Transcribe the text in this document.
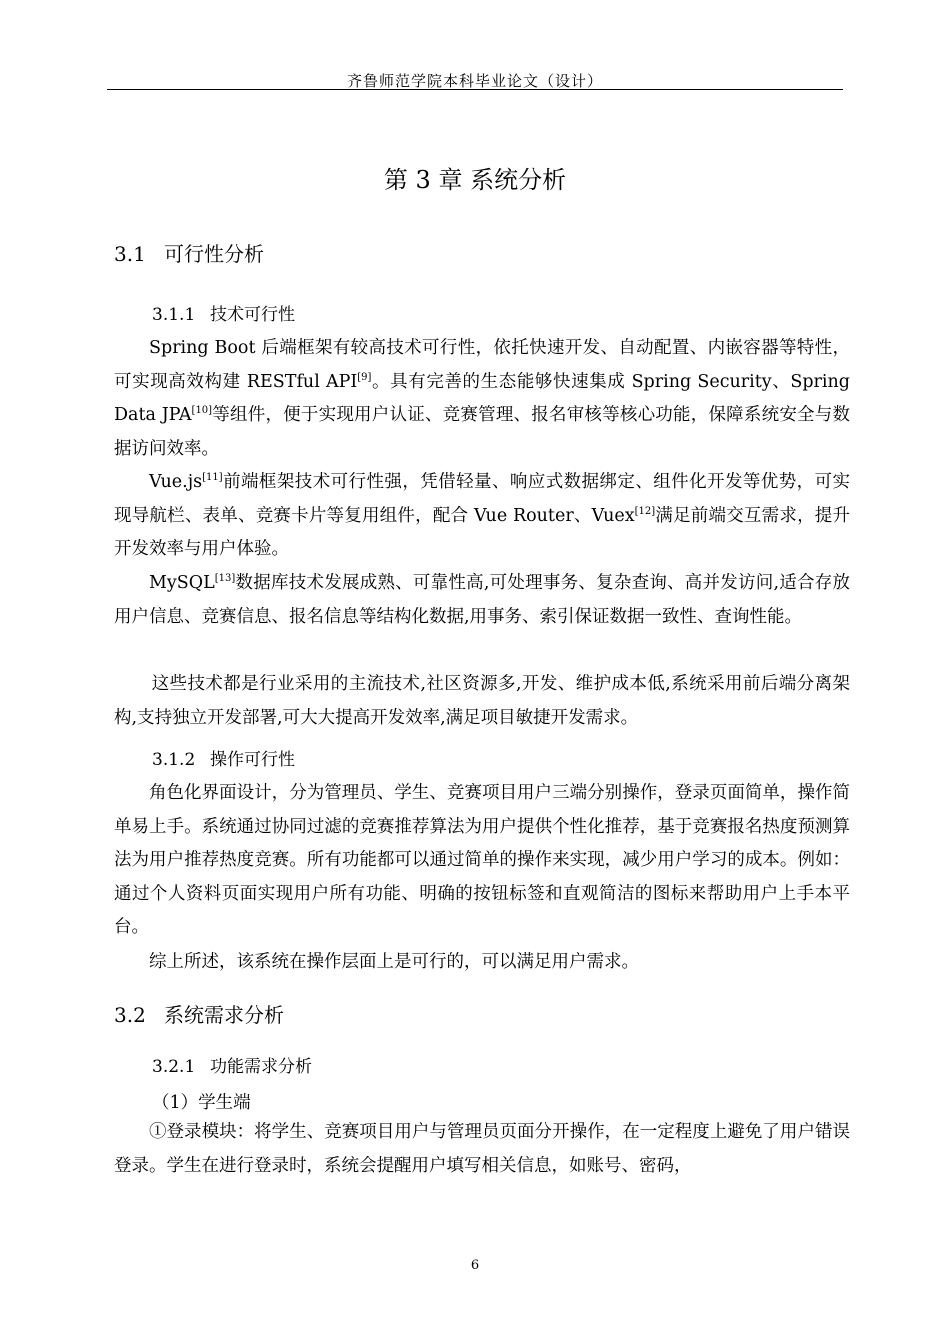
齐鲁师范学院本科毕业论文（设计）
第 3 章 系统分析
3.1 可行性分析
3.1.1 技术可行性

Spring Boot 后端框架有较高技术可行性，依托快速开发、自动配置、内嵌容器等特性，可实现高效构建 RESTful API[9]。具有完善的生态能够快速集成 Spring Security、Spring Data JPA[10]等组件，便于实现用户认证、竞赛管理、报名审核等核心功能，保障系统安全与数据访问效率。

Vue.js[11]前端框架技术可行性强，凭借轻量、响应式数据绑定、组件化开发等优势，可实现导航栏、表单、竞赛卡片等复用组件，配合 Vue Router、Vuex[12]满足前端交互需求，提升开发效率与用户体验。

MySQL[13]数据库技术发展成熟、可靠性高,可处理事务、复杂查询、高并发访问,适合存放用户信息、竞赛信息、报名信息等结构化数据,用事务、索引保证数据一致性、查询性能。

这些技术都是行业采用的主流技术,社区资源多,开发、维护成本低,系统采用前后端分离架构,支持独立开发部署,可大大提高开发效率,满足项目敏捷开发需求。

3.1.2 操作可行性

角色化界面设计，分为管理员、学生、竞赛项目用户三端分别操作，登录页面简单，操作简单易上手。系统通过协同过滤的竞赛推荐算法为用户提供个性化推荐，基于竞赛报名热度预测算法为用户推荐热度竞赛。所有功能都可以通过简单的操作来实现，减少用户学习的成本。例如：通过个人资料页面实现用户所有功能、明确的按钮标签和直观简洁的图标来帮助用户上手本平台。

综上所述，该系统在操作层面上是可行的，可以满足用户需求。

3.2 系统需求分析
3.2.1 功能需求分析
（1）学生端

①登录模块：将学生、竞赛项目用户与管理员页面分开操作，在一定程度上避免了用户错误登录。学生在进行登录时，系统会提醒用户填写相关信息，如账号、密码，

6
